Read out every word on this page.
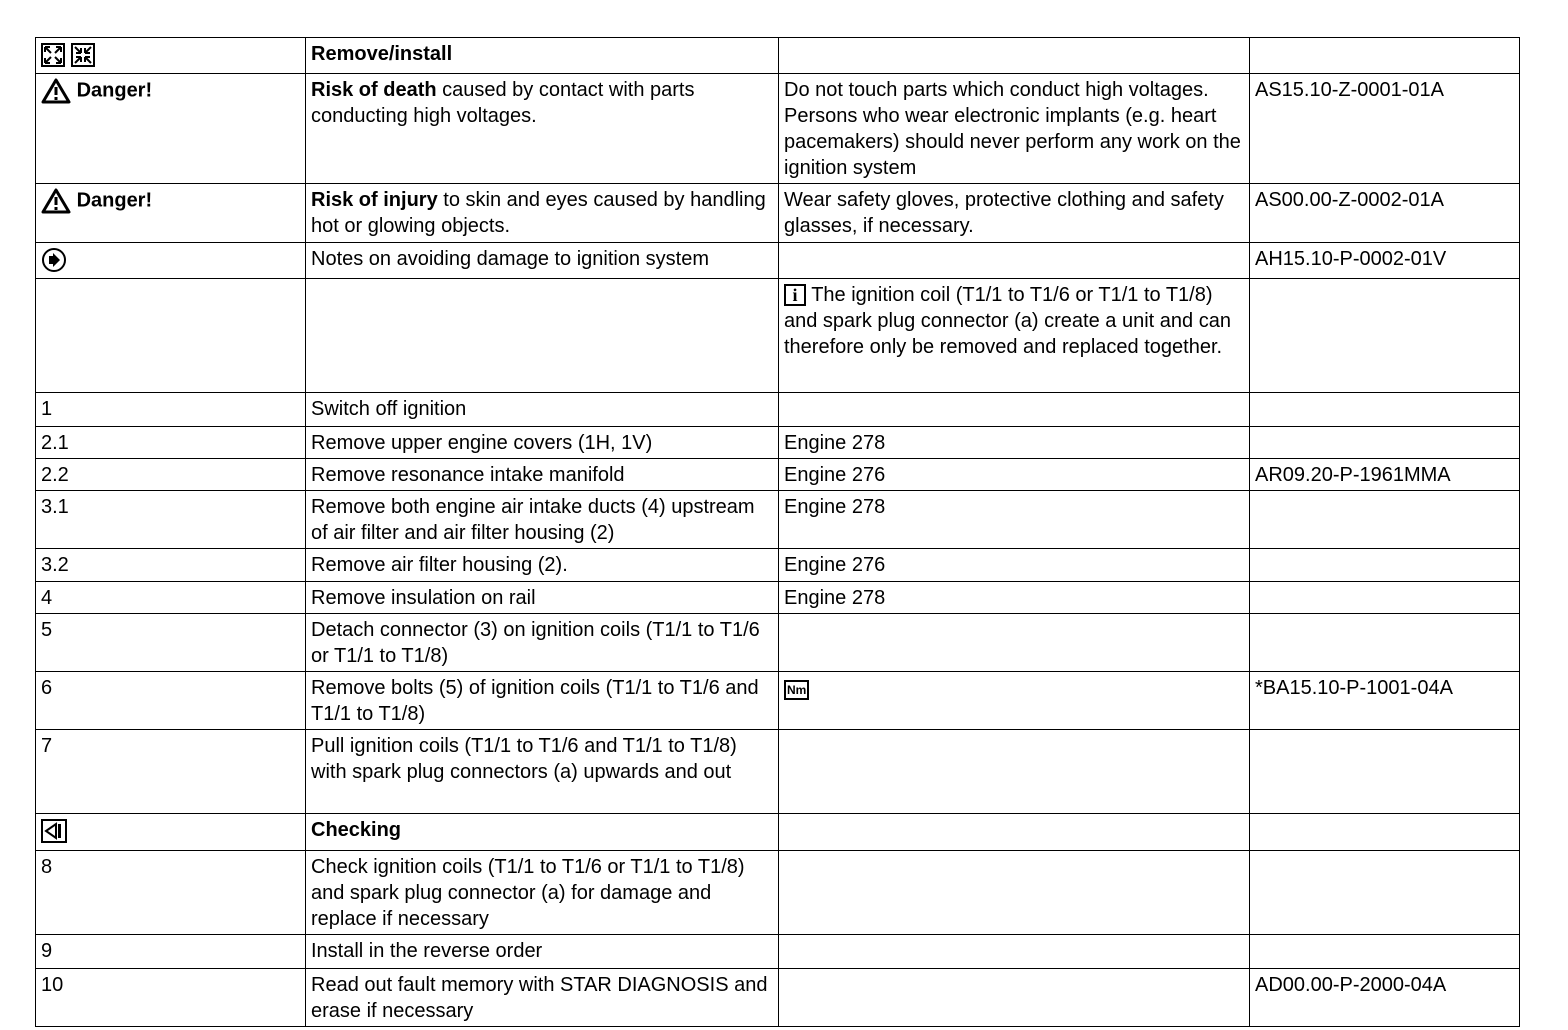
	Remove/install		
Danger!	Risk of death caused by contact with parts conducting high voltages.	Do not touch parts which conduct high voltages. Persons who wear electronic implants (e.g. heart pacemakers) should never perform any work on the ignition system	AS15.10-Z-0001-01A
Danger!	Risk of injury to skin and eyes caused by handling hot or glowing objects.	Wear safety gloves, protective clothing and safety glasses, if necessary.	AS00.00-Z-0002-01A
	Notes on avoiding damage to ignition system		AH15.10-P-0002-01V
		i The ignition coil (T1/1 to T1/6 or T1/1 to T1/8) and spark plug connector (a) create a unit and can therefore only be removed and replaced together.	
1	Switch off ignition		
2.1	Remove upper engine covers (1H, 1V)	Engine 278	
2.2	Remove resonance intake manifold	Engine 276	AR09.20-P-1961MMA
3.1	Remove both engine air intake ducts (4) upstream of air filter and air filter housing (2)	Engine 278	
3.2	Remove air filter housing (2).	Engine 276	
4	Remove insulation on rail	Engine 278	
5	Detach connector (3) on ignition coils (T1/1 to T1/6 or T1/1 to T1/8)		
6	Remove bolts (5) of ignition coils (T1/1 to T1/6 and T1/1 to T1/8)	Nm	*BA15.10-P-1001-04A
7	Pull ignition coils (T1/1 to T1/6 and T1/1 to T1/8) with spark plug connectors (a) upwards and out		
	Checking		
8	Check ignition coils (T1/1 to T1/6 or T1/1 to T1/8) and spark plug connector (a) for damage and replace if necessary		
9	Install in the reverse order		
10	Read out fault memory with STAR DIAGNOSIS and erase if necessary		AD00.00-P-2000-04A
